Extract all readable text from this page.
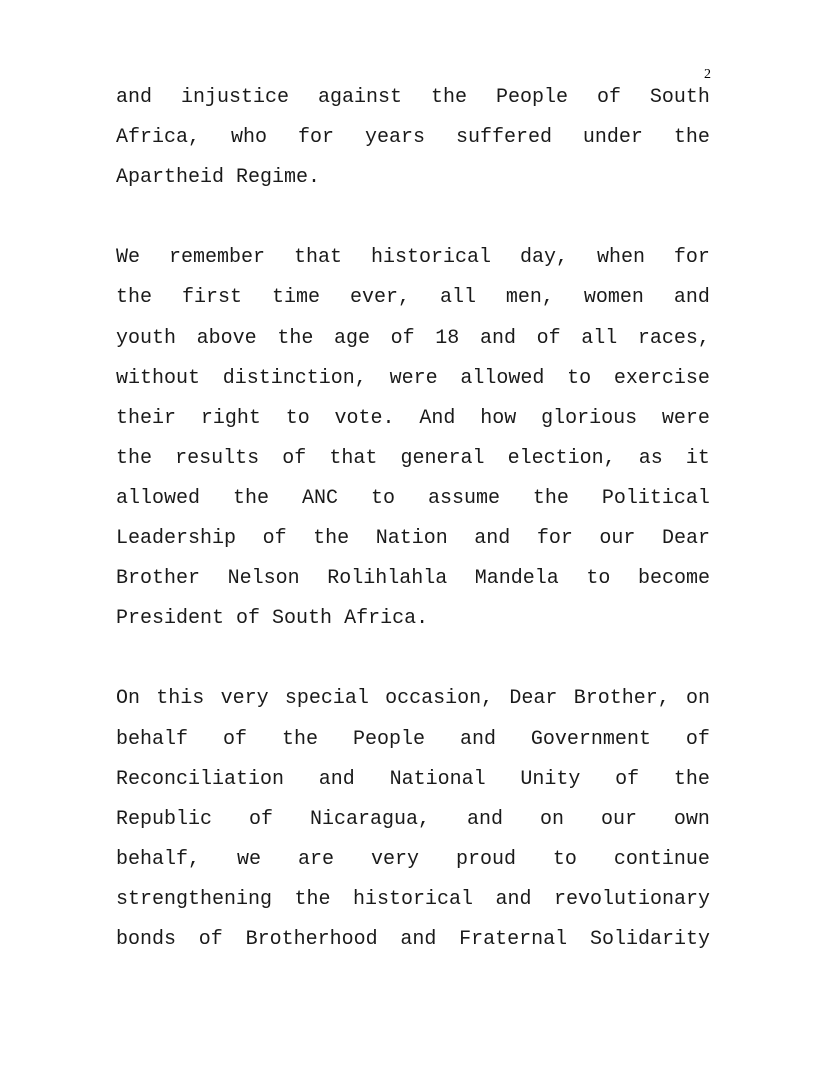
2
and injustice against the People of South
Africa, who for years suffered under the
Apartheid Regime.
We remember that historical day, when for
the first time ever, all men, women and
youth above the age of 18 and of all races,
without distinction, were allowed to exercise
their right to vote. And how glorious were
the results of that general election, as it
allowed the ANC to assume the Political
Leadership of the Nation and for our Dear
Brother Nelson Rolihlahla Mandela to become
President of South Africa.
On this very special occasion, Dear Brother, on
behalf of the People and Government of
Reconciliation and National Unity of the
Republic of Nicaragua, and on our own
behalf, we are very proud to continue
strengthening the historical and revolutionary
bonds of Brotherhood and Fraternal Solidarity
